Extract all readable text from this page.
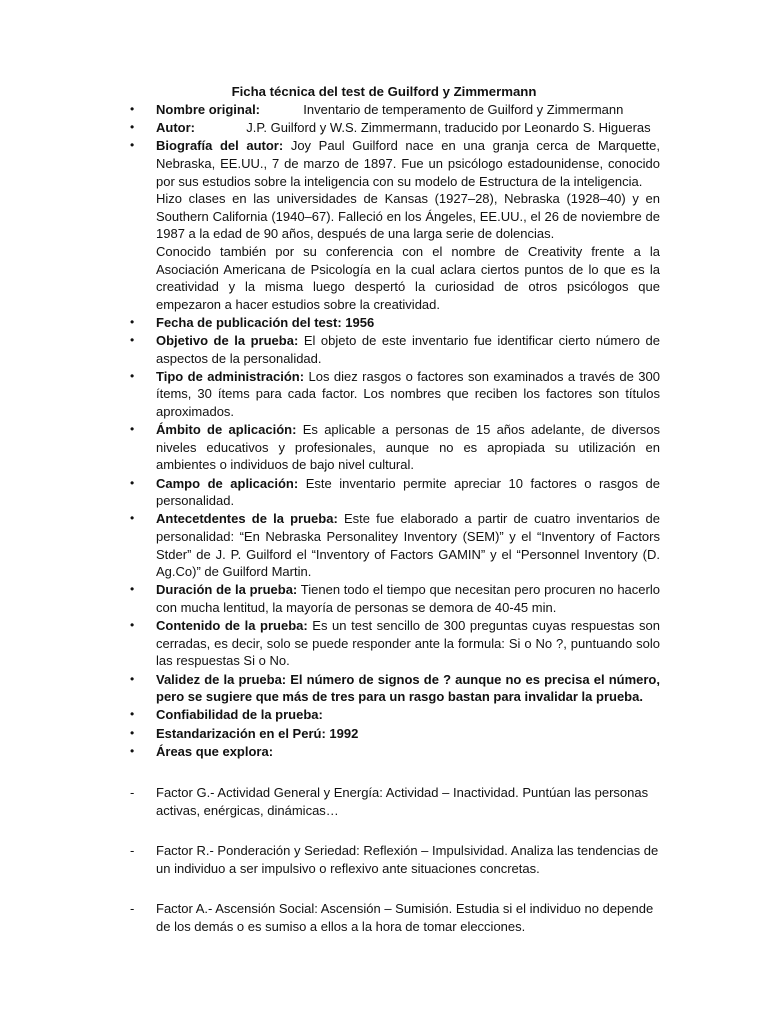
Ficha técnica del test de Guilford y Zimmermann
•	Nombre original:	Inventario de temperamento de Guilford y Zimmermann
•	Autor:	J.P. Guilford y W.S. Zimmermann, traducido por Leonardo S. Higueras
•	Biografía del autor: Joy Paul Guilford nace en una granja cerca de Marquette, Nebraska, EE.UU., 7 de marzo de 1897. Fue un psicólogo estadounidense, conocido por sus estudios sobre la inteligencia con su modelo de Estructura de la inteligencia.
Hizo clases en las universidades de Kansas (1927–28), Nebraska (1928–40) y en Southern California (1940–67). Falleció en los Ángeles, EE.UU., el 26 de noviembre de 1987 a la edad de 90 años, después de una larga serie de dolencias.
Conocido también por su conferencia con el nombre de Creativity frente a la Asociación Americana de Psicología en la cual aclara ciertos puntos de lo que es la creatividad y la misma luego despertó la curiosidad de otros psicólogos que empezaron a hacer estudios sobre la creatividad.
•	Fecha de publicación del test: 1956
•	Objetivo de la prueba: El objeto de este inventario fue identificar cierto número de aspectos de la personalidad.
•	Tipo de administración: Los diez rasgos o factores son examinados a través de 300 ítems, 30 ítems para cada factor. Los nombres que reciben los factores son títulos aproximados.
•	Ámbito de aplicación: Es aplicable a personas de 15 años adelante, de diversos niveles educativos y profesionales, aunque no es apropiada su utilización en ambientes o individuos de bajo nivel cultural.
•	Campo de aplicación: Este inventario permite apreciar 10 factores o rasgos de personalidad.
•	Antecetdentes de la prueba: Este fue elaborado a partir de cuatro inventarios de personalidad: “En Nebraska Personalitey Inventory (SEM)” y el “Inventory of Factors Stder” de J. P. Guilford el “Inventory of Factors GAMIN” y el “Personnel Inventory (D. Ag.Co)” de Guilford Martin.
•	Duración de la prueba: Tienen todo el tiempo que necesitan pero procuren no hacerlo con mucha lentitud, la mayoría de personas se demora de 40-45 min.
•	Contenido de la prueba: Es un test sencillo de 300 preguntas cuyas respuestas son cerradas, es decir, solo se puede responder ante la formula: Si o No ?, puntuando solo las respuestas Si o No.
•	Validez de la prueba: El número de signos de ? aunque no es precisa el número, pero se sugiere que más de tres para un rasgo bastan para invalidar la prueba.
•	Confiabilidad de la prueba:
•	Estandarización en el Perú: 1992
•	Áreas que explora:
- Factor G.- Actividad General y Energía: Actividad – Inactividad. Puntúan las personas activas, enérgicas, dinámicas…
- Factor R.- Ponderación y Seriedad: Reflexión – Impulsividad. Analiza las tendencias de un individuo a ser impulsivo o reflexivo ante situaciones concretas.
- Factor A.- Ascensión Social: Ascensión – Sumisión. Estudia si el individuo no depende de los demás o es sumiso a ellos a la hora de tomar elecciones.
